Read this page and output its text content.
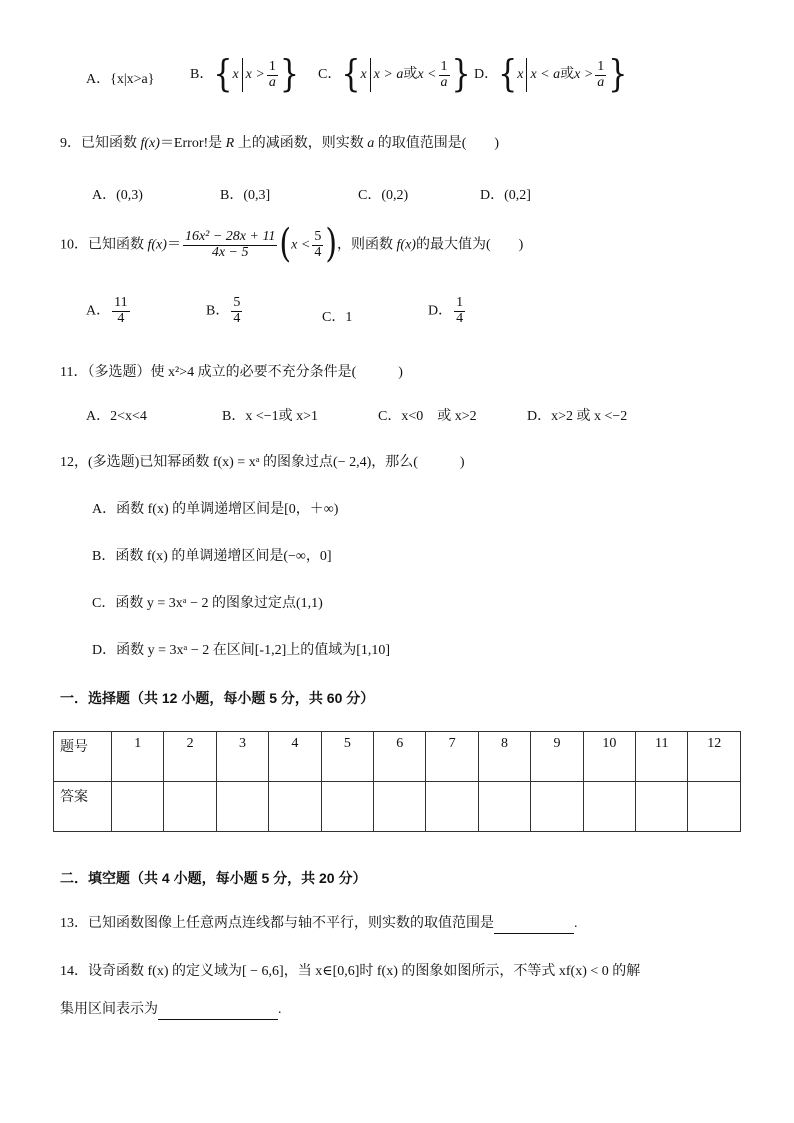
A．{x|x>a}	B．{x $x > \frac{1}{a}$ } C．{x x > a或$x < \frac{1}{a}$ } D．{x x < a或$x > \frac{1}{a}$ }
9．已知函数 f(x)＝Error!是 R 上的减函数，则实数 a 的取值范围是(　　)
A．(0,3)	B．(0,3]	C．(0,2)	D．(0,2]
10．已知函数 $f(x)= \frac{\text{16x² − 28x + 11}}{4x - 5} (x < \frac{5}{4}$ )，则函数 f(x)的最大值为(　　)
A． $\frac{11}{4}$	B． $\frac{5}{4}$	C．1	D． $\frac{1}{4}$
11．（多选题）使 x²>4 成立的必要不充分条件是(　　　)
A．2<x<4	B．x <−1或 x>1	C．x<0　或 x>2	D．x>2 或 x <−2
12，(多选题)已知幂函数 f(x) = xᵃ 的图象过点(− 2,4)，那么(　　　)
A．函数 f(x) 的单调递增区间是[0，＋∞)
B．函数 f(x) 的单调递增区间是(−∞，0]
C．函数 y = 3xᵃ − 2 的图象过定点(1,1)
D．函数 y = 3xᵃ − 2 在区间[-1,2]上的值域为[1,10]
一．选择题（共 12 小题，每小题 5 分，共 60 分）
题号	1	2	3	4	5	6	7	8	9	10	11	12
答案												
二．填空题（共 4 小题，每小题 5 分，共 20 分）
13．已知函数图像上任意两点连线都与轴不平行，则实数的取值范围是	.
14．设奇函数 f(x) 的定义域为[ − 6,6]，当 x∈[0,6]时 f(x) 的图象如图所示，不等式 xf(x) < 0 的解
集用区间表示为	.
